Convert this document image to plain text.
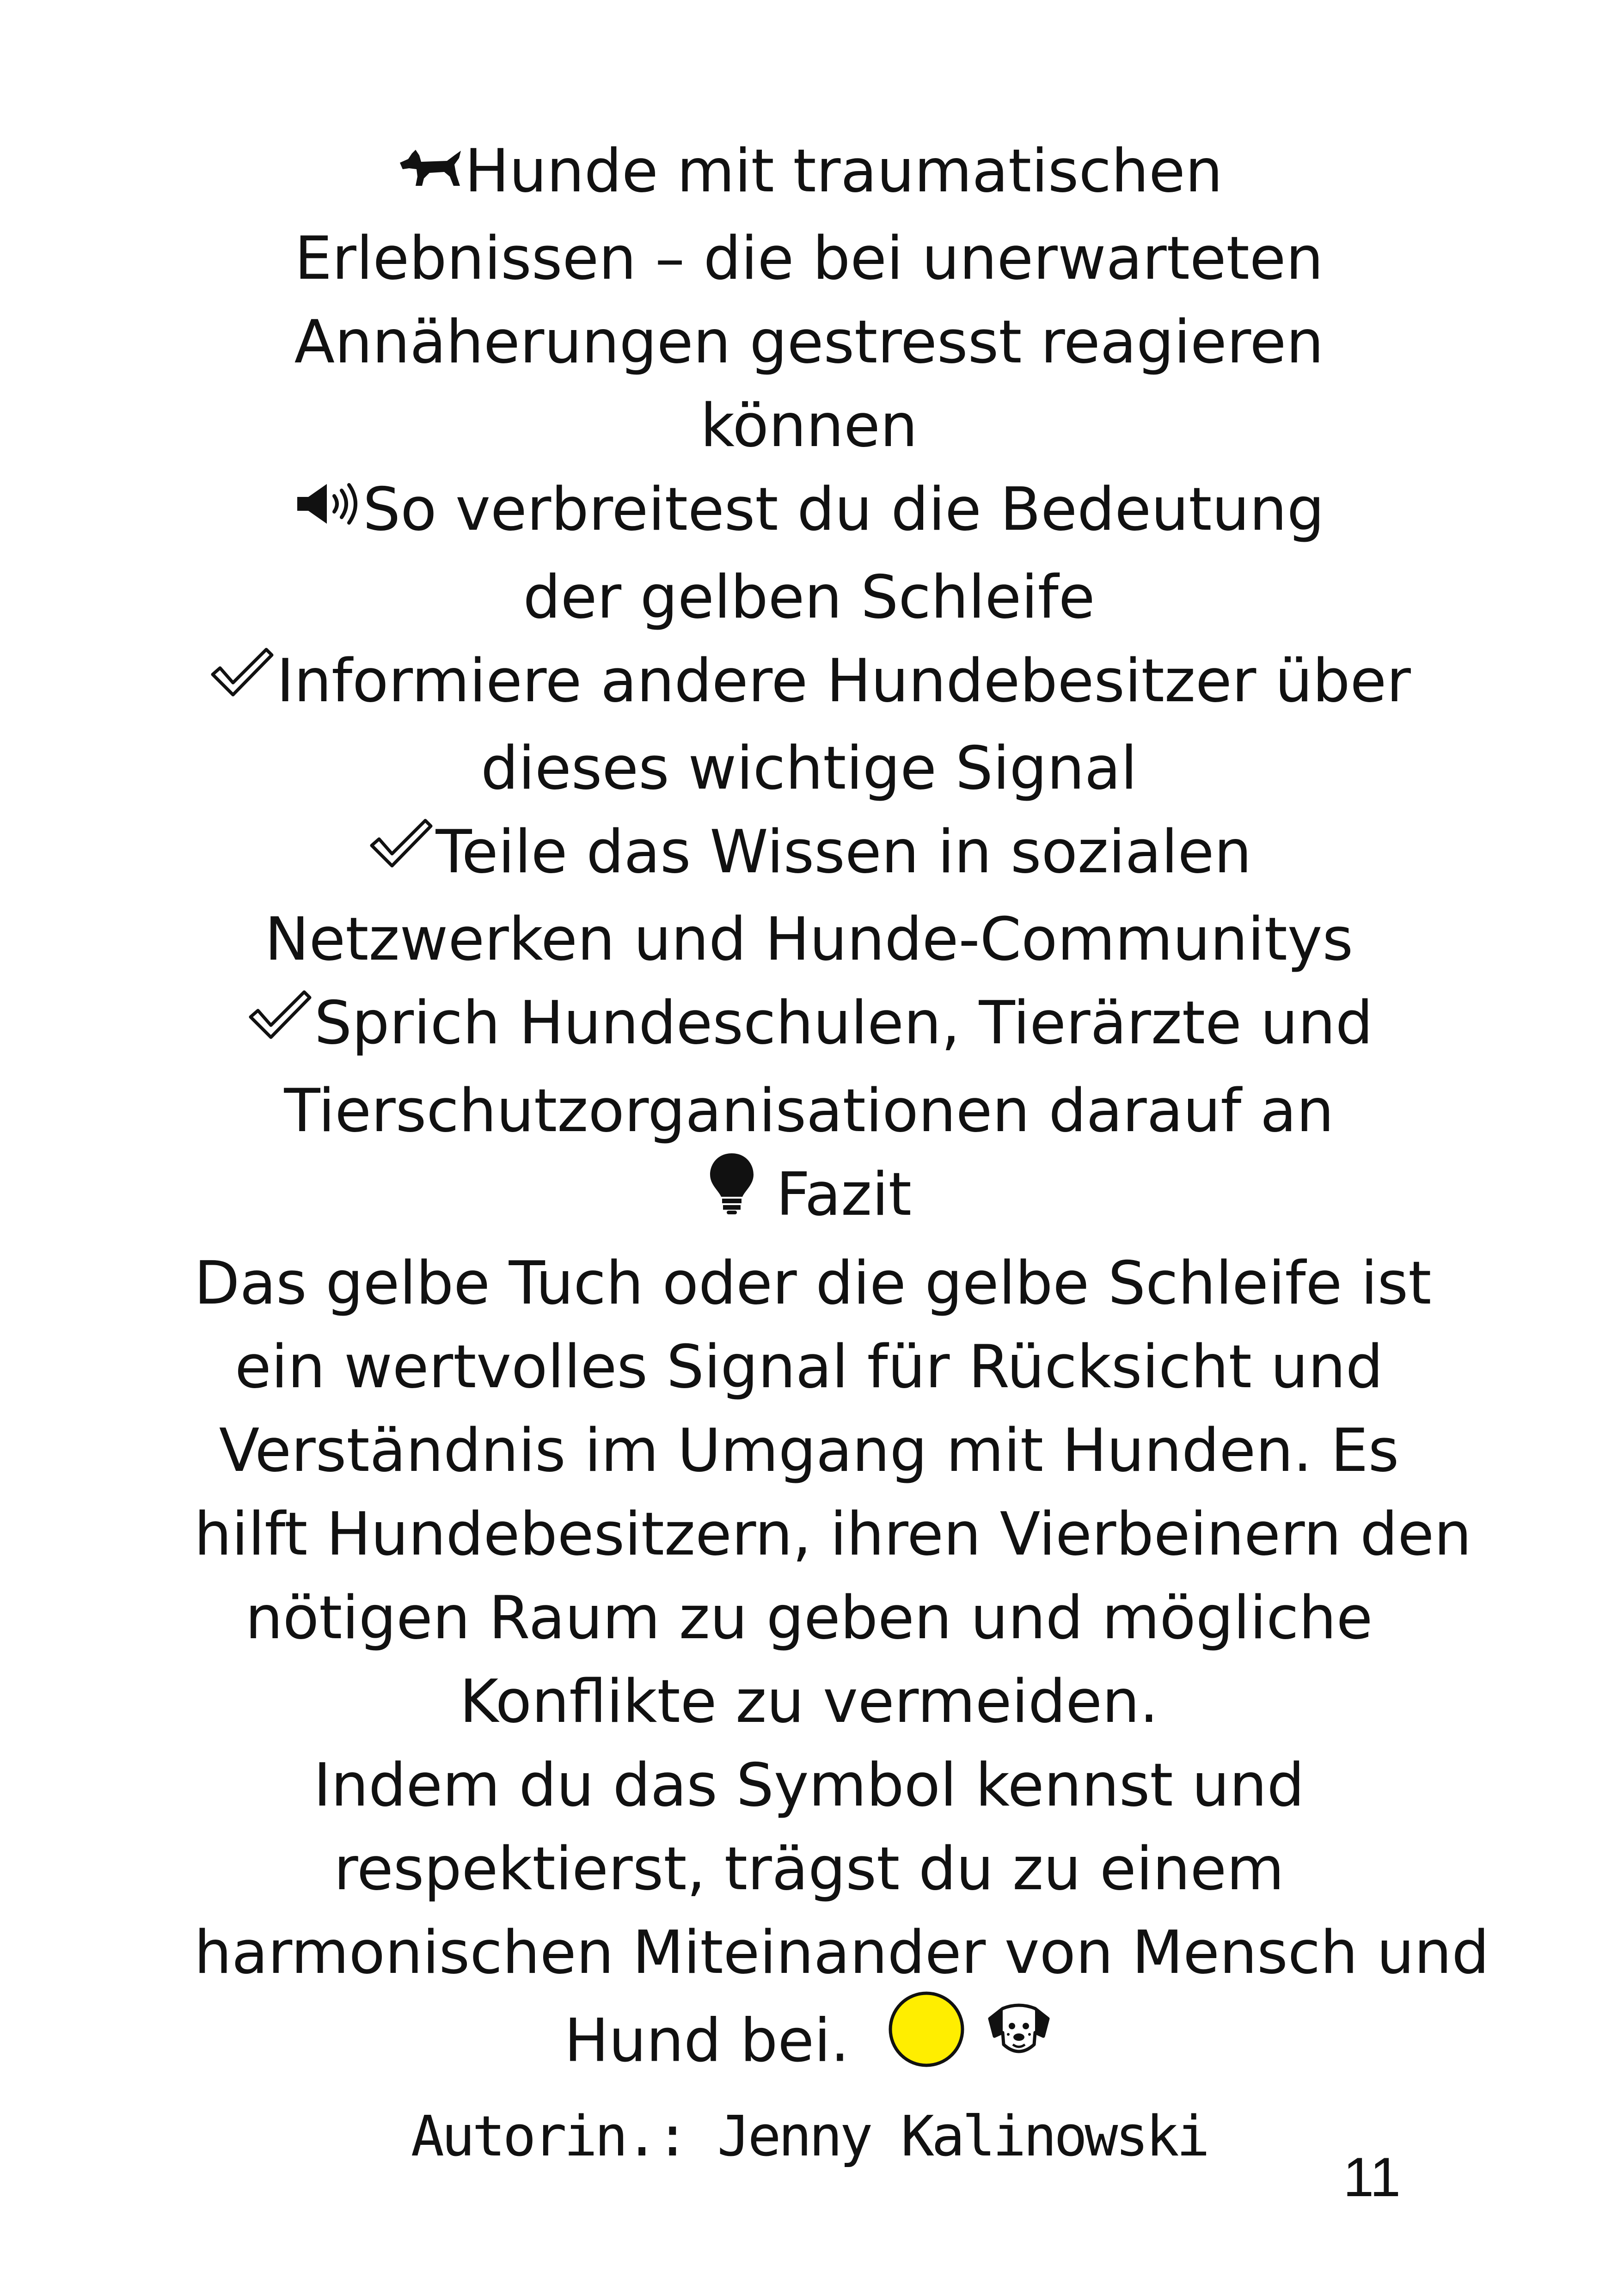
Hunde mit traumatischen
Erlebnissen – die bei unerwarteten
Annäherungen gestresst reagieren
können
So verbreitest du die Bedeutung
der gelben Schleife
Informiere andere Hundebesitzer über
dieses wichtige Signal
Teile das Wissen in sozialen
Netzwerken und Hunde-Communitys
Sprich Hundeschulen, Tierärzte und
Tierschutzorganisationen darauf an
Fazit
Das gelbe Tuch oder die gelbe Schleife ist
ein wertvolles Signal für Rücksicht und
Verständnis im Umgang mit Hunden. Es
hilft Hundebesitzern, ihren Vierbeinern den
nötigen Raum zu geben und mögliche
Konflikte zu vermeiden.
Indem du das Symbol kennst und
respektierst, trägst du zu einem
harmonischen Miteinander von Mensch und
Hund bei.
Autorin.: Jenny Kalinowski
11
